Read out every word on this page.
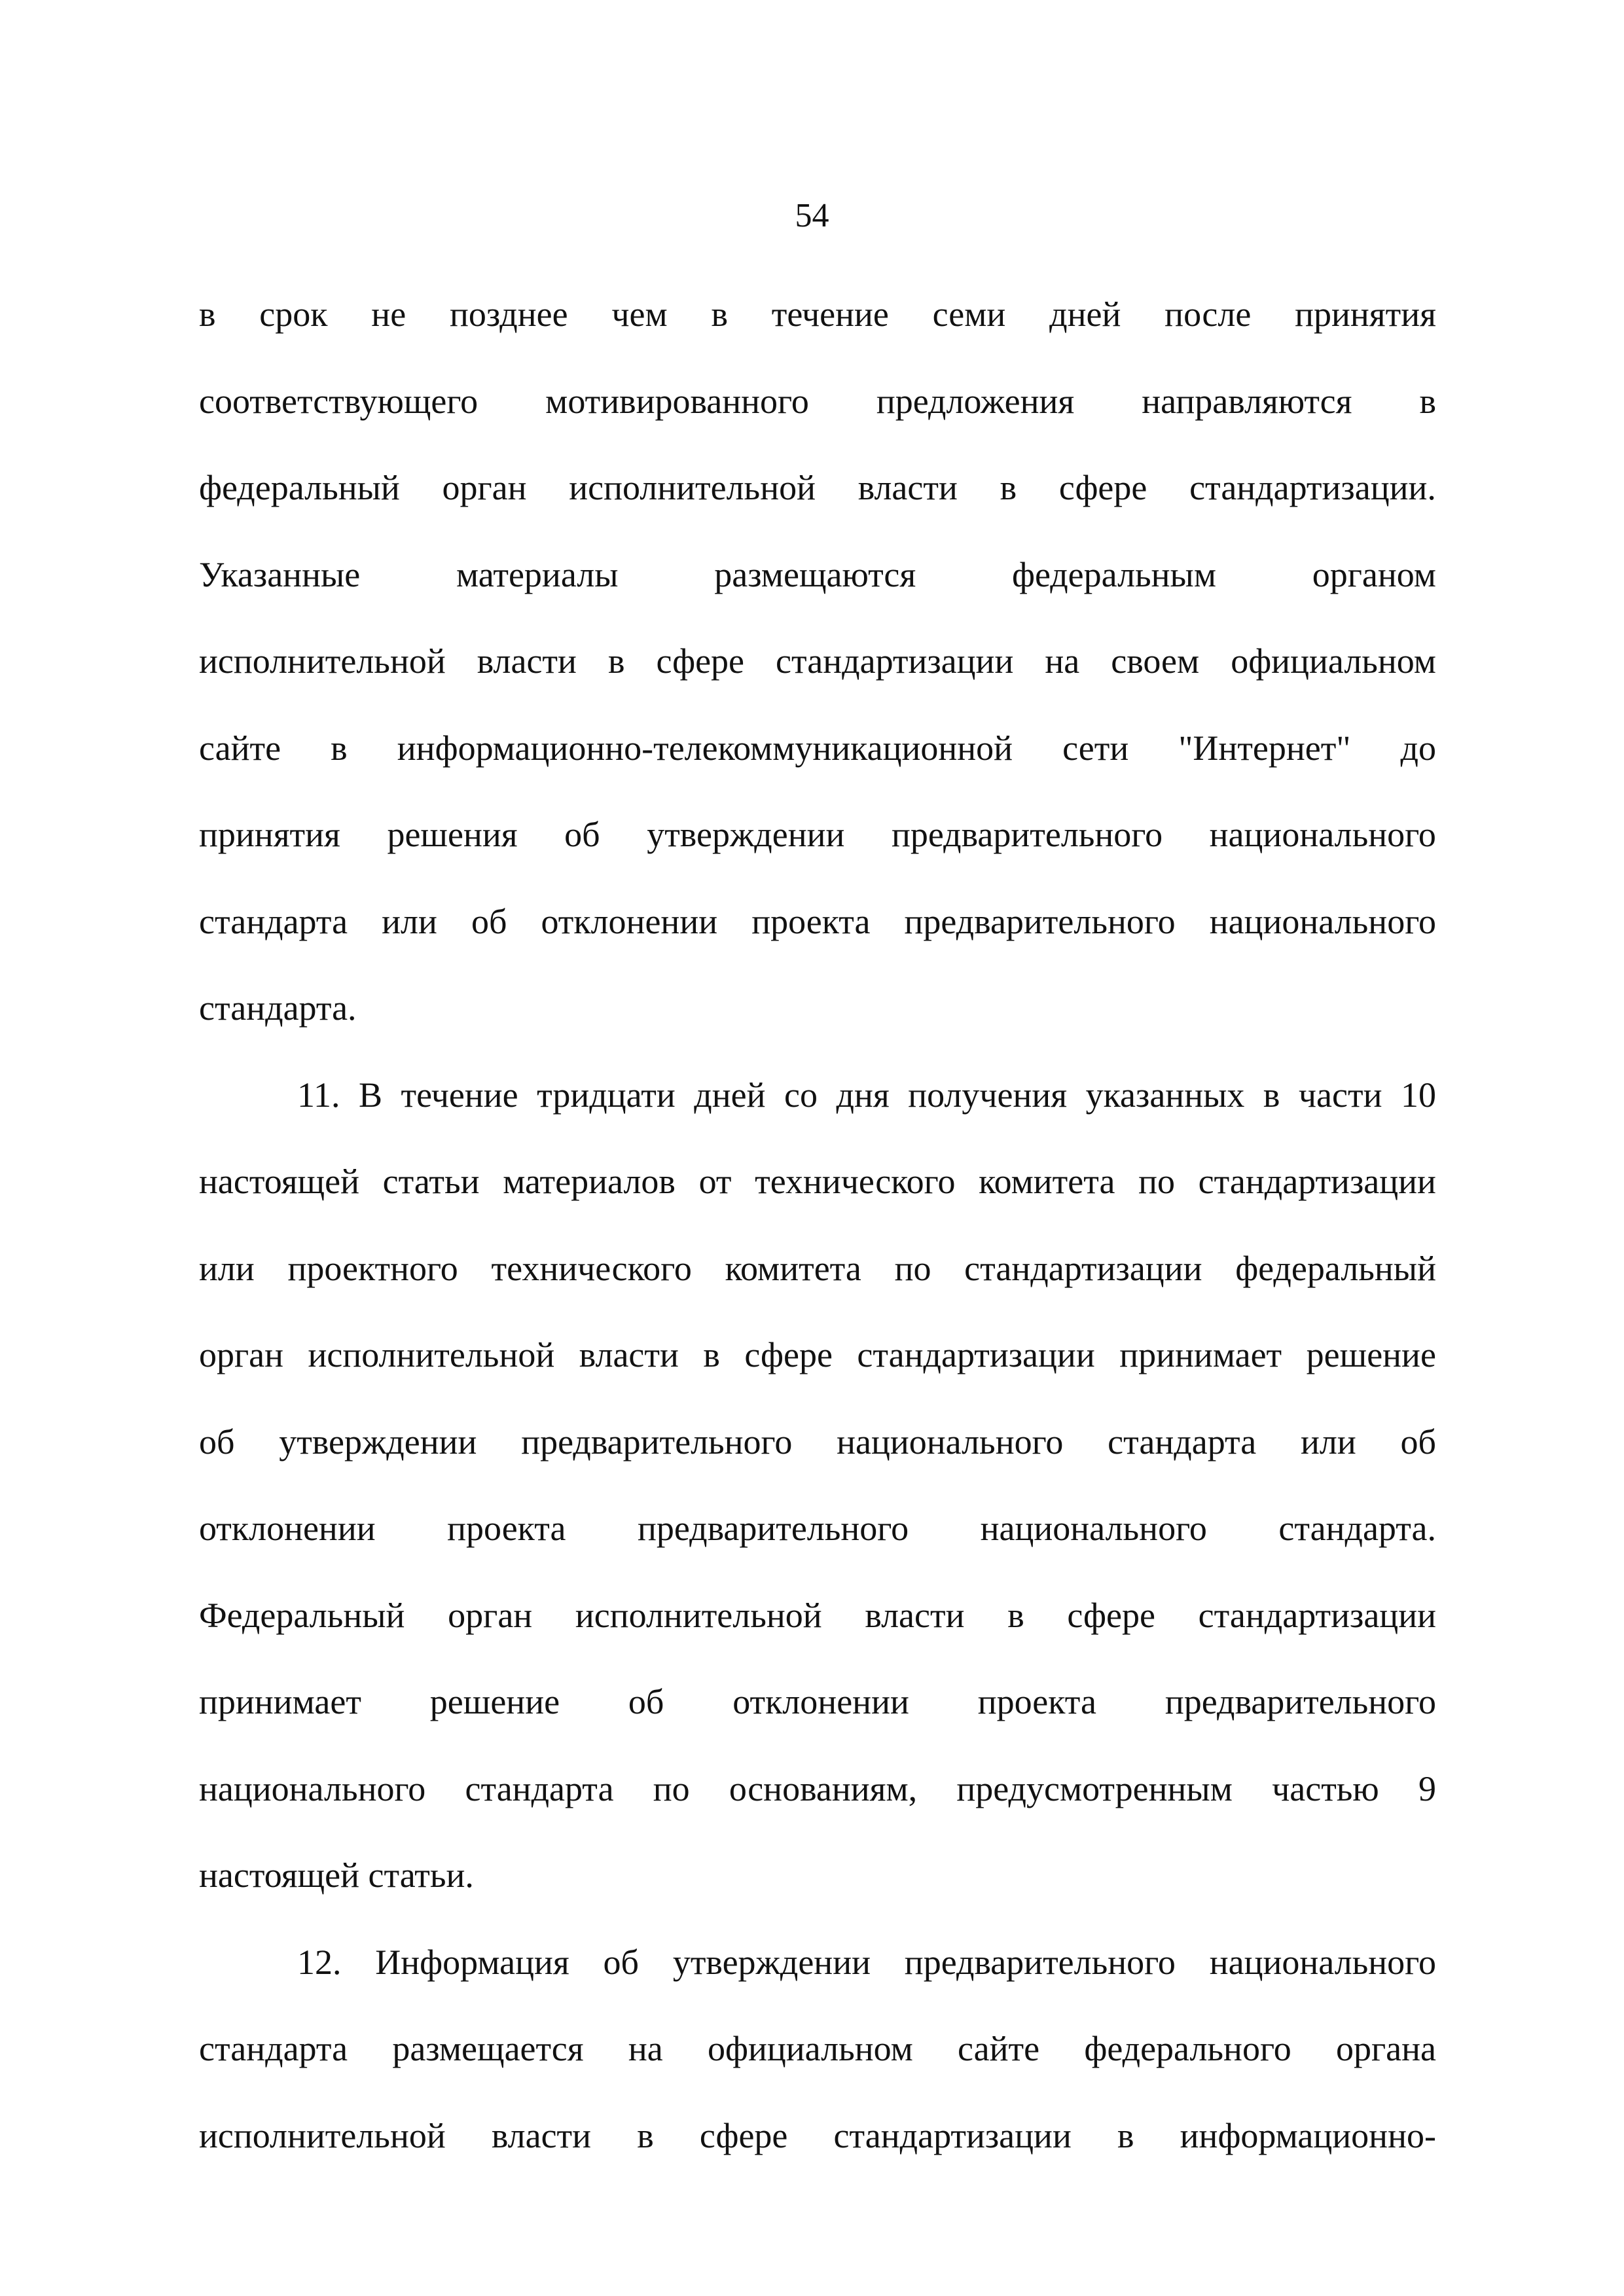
54
в срок не позднее чем в течение семи дней после принятия
соответствующего мотивированного предложения направляются в
федеральный орган исполнительной власти в сфере стандартизации.
Указанные	материалы	размещаются	федеральным	органом
исполнительной власти в сфере стандартизации на своем официальном
сайте в информационно-телекоммуникационной сети "Интернет" до
принятия решения об утверждении предварительного национального
стандарта или об отклонении проекта предварительного национального
стандарта.

11. В течение тридцати дней со дня получения указанных в части 10
настоящей статьи материалов от технического комитета по стандартизации
или проектного технического комитета по стандартизации федеральный
орган исполнительной власти в сфере стандартизации принимает решение
об утверждении предварительного национального стандарта или об
отклонении проекта предварительного национального стандарта.
Федеральный орган исполнительной власти в сфере стандартизации
принимает решение об отклонении проекта предварительного
национального стандарта по основаниям, предусмотренным частью 9
настоящей
статьи.

12. Информация об утверждении предварительного национального
стандарта размещается на официальном сайте федерального органа
исполнительной власти в сфере стандартизации в информационно-
